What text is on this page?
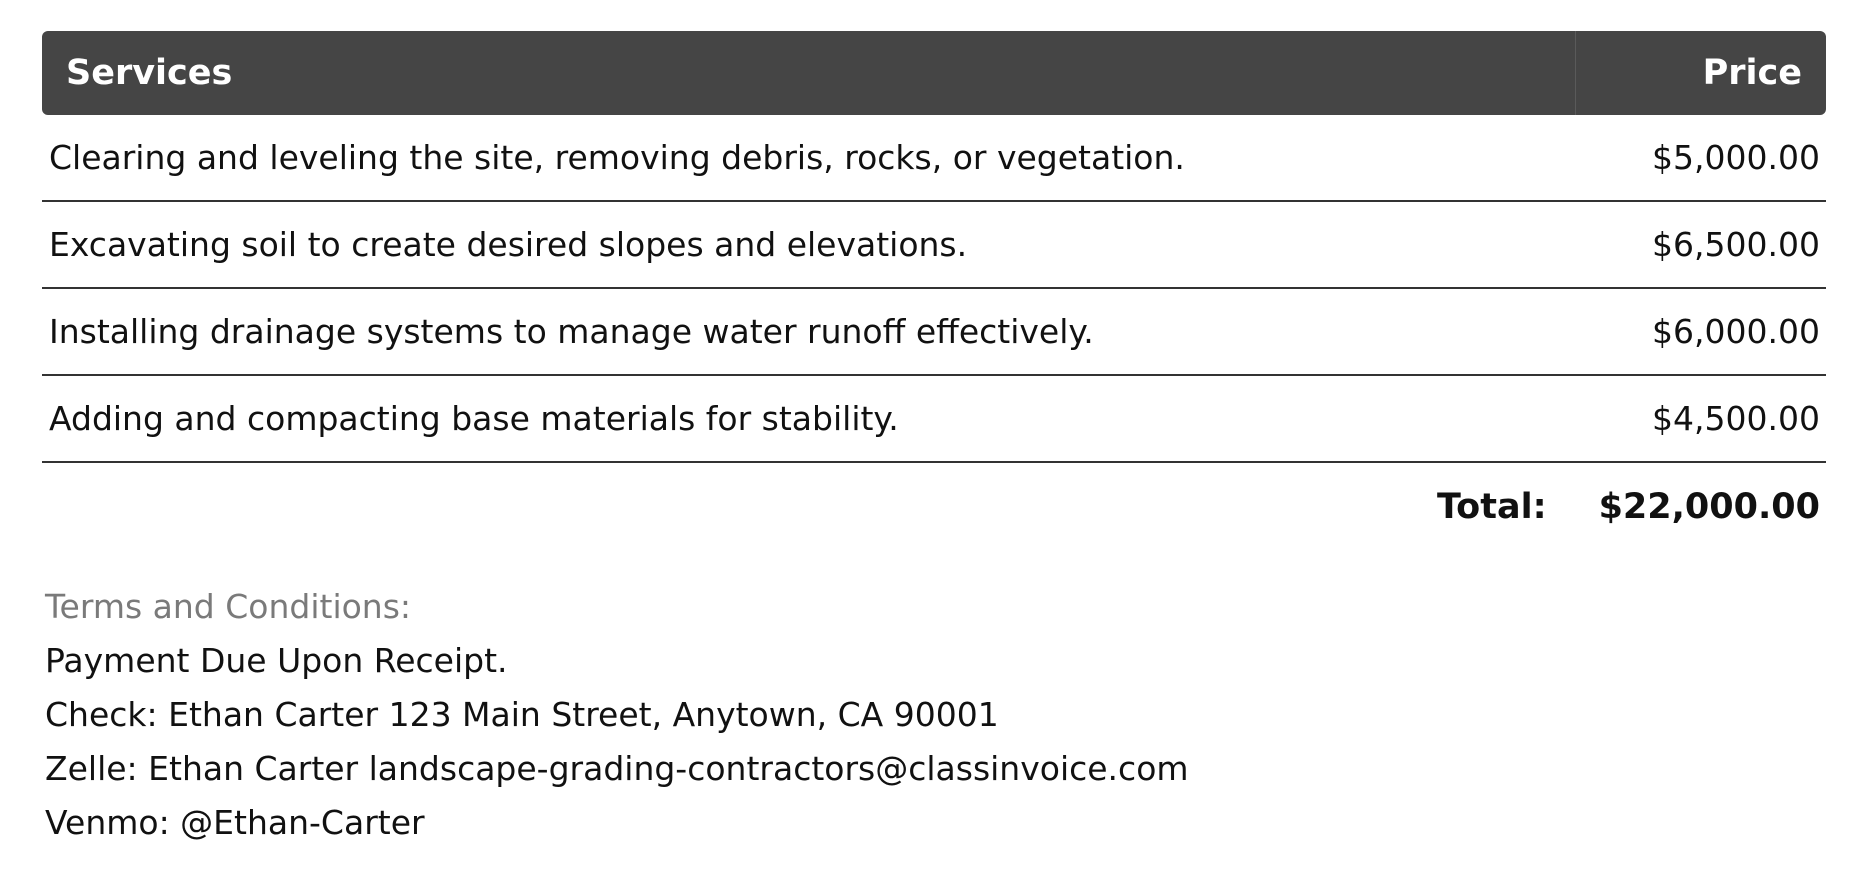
Services	Price
Clearing and leveling the site, removing debris, rocks, or vegetation.	$5,000.00
Excavating soil to create desired slopes and elevations.	$6,500.00
Installing drainage systems to manage water runoff effectively.	$6,000.00
Adding and compacting base materials for stability.	$4,500.00
Total: $22,000.00
Terms and Conditions:
Payment Due Upon Receipt.
Check: Ethan Carter 123 Main Street, Anytown, CA 90001
Zelle: Ethan Carter landscape-grading-contractors@classinvoice.com
Venmo: @Ethan-Carter
